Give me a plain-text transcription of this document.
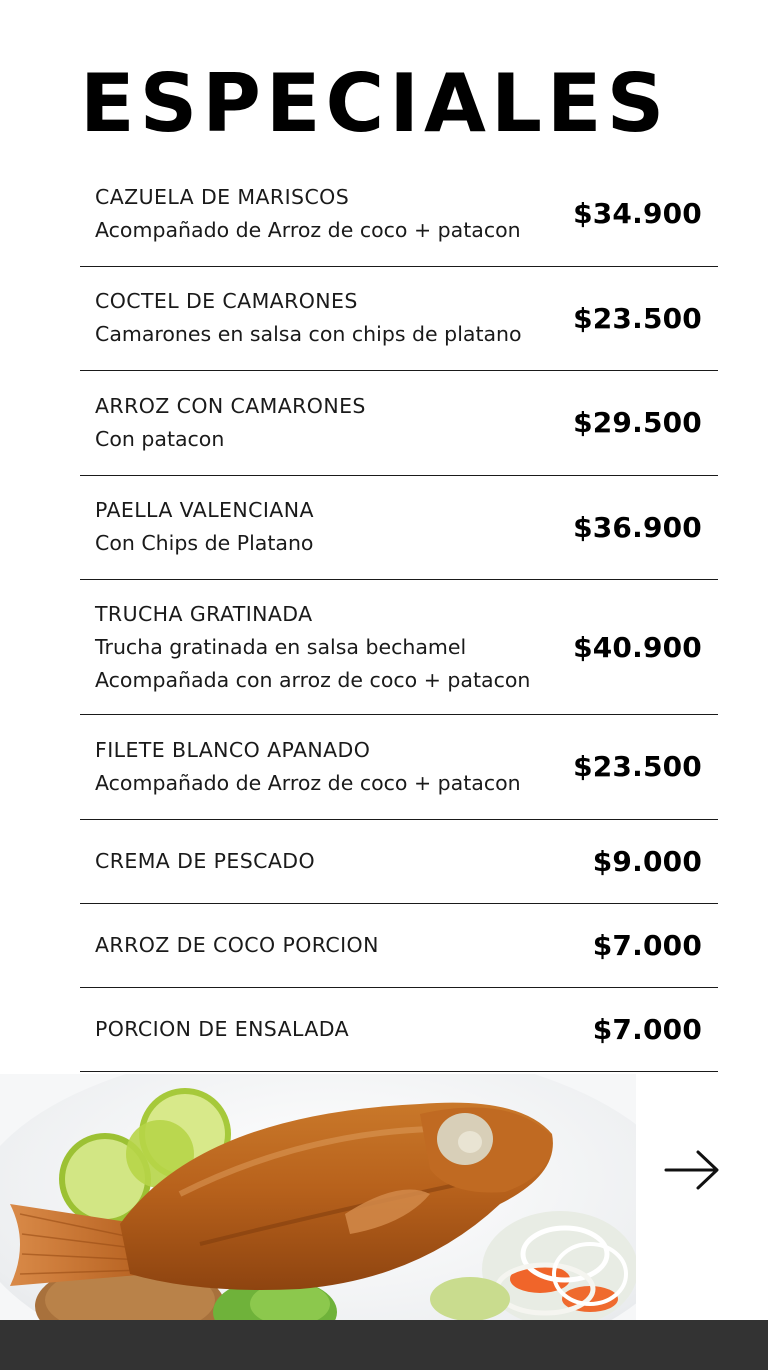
ESPECIALES
CAZUELA DE MARISCOS
Acompañado de Arroz de coco + patacon $34.900
COCTEL DE CAMARONES
Camarones en salsa con chips de platano $23.500
ARROZ CON CAMARONES
Con patacon	$29.500
PAELLA VALENCIANA
Con Chips de Platano	$36.900
TRUCHA GRATINADA
Trucha gratinada en salsa bechamel
Acompañada con arroz de coco + patacon
$40.900
FILETE BLANCO APANADO
Acompañado de Arroz de coco + patacon $23.500
CREMA DE PESCADO	$9.000
ARROZ DE COCO PORCION	$7.000
PORCION DE ENSALADA	$7.000
